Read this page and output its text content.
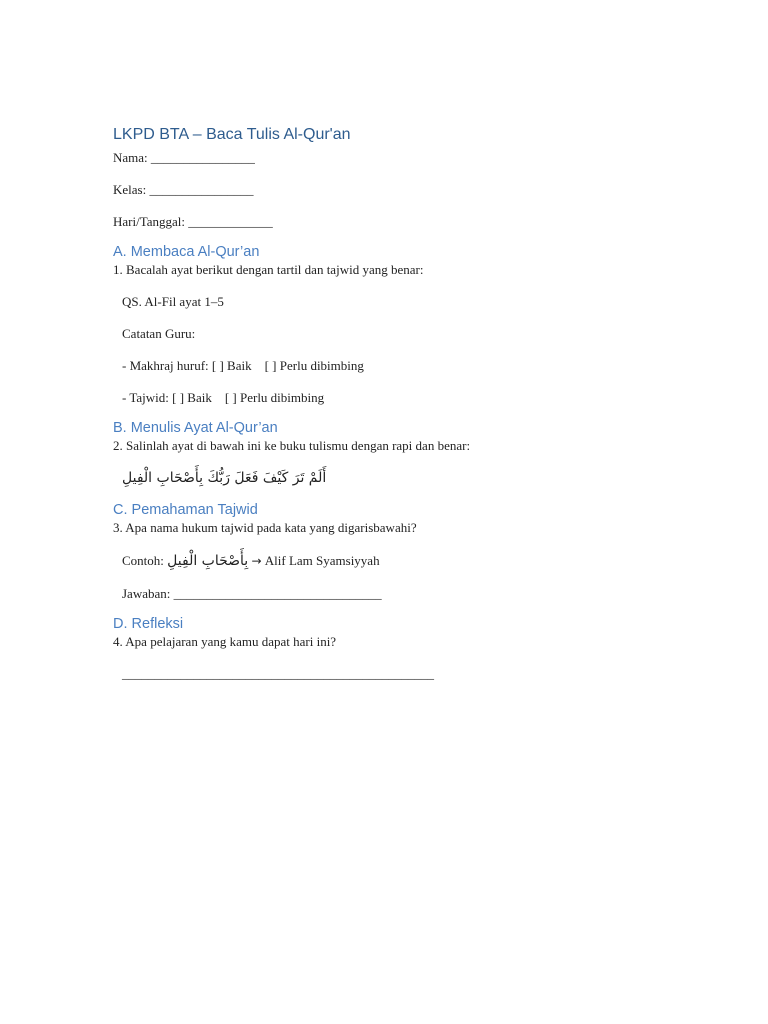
LKPD BTA – Baca Tulis Al-Qur'an
Nama: ________________
Kelas: ________________
Hari/Tanggal: _____________
A. Membaca Al-Qur’an
1. Bacalah ayat berikut dengan tartil dan tajwid yang benar:
QS. Al-Fil ayat 1–5
Catatan Guru:
- Makhraj huruf: [ ] Baik    [ ] Perlu dibimbing
- Tajwid: [ ] Baik    [ ] Perlu dibimbing
B. Menulis Ayat Al-Qur’an
2. Salinlah ayat di bawah ini ke buku tulismu dengan rapi dan benar:
أَلَمْ تَرَ كَيْفَ فَعَلَ رَبُّكَ بِأَصْحَابِ الْفِيلِ
C. Pemahaman Tajwid
3. Apa nama hukum tajwid pada kata yang digarisbawahi?
Contoh: بِأَصْحَابِ الْفِيلِ → Alif Lam Syamsiyyah
Jawaban: ________________________________
D. Refleksi
4. Apa pelajaran yang kamu dapat hari ini?
________________________________________________
